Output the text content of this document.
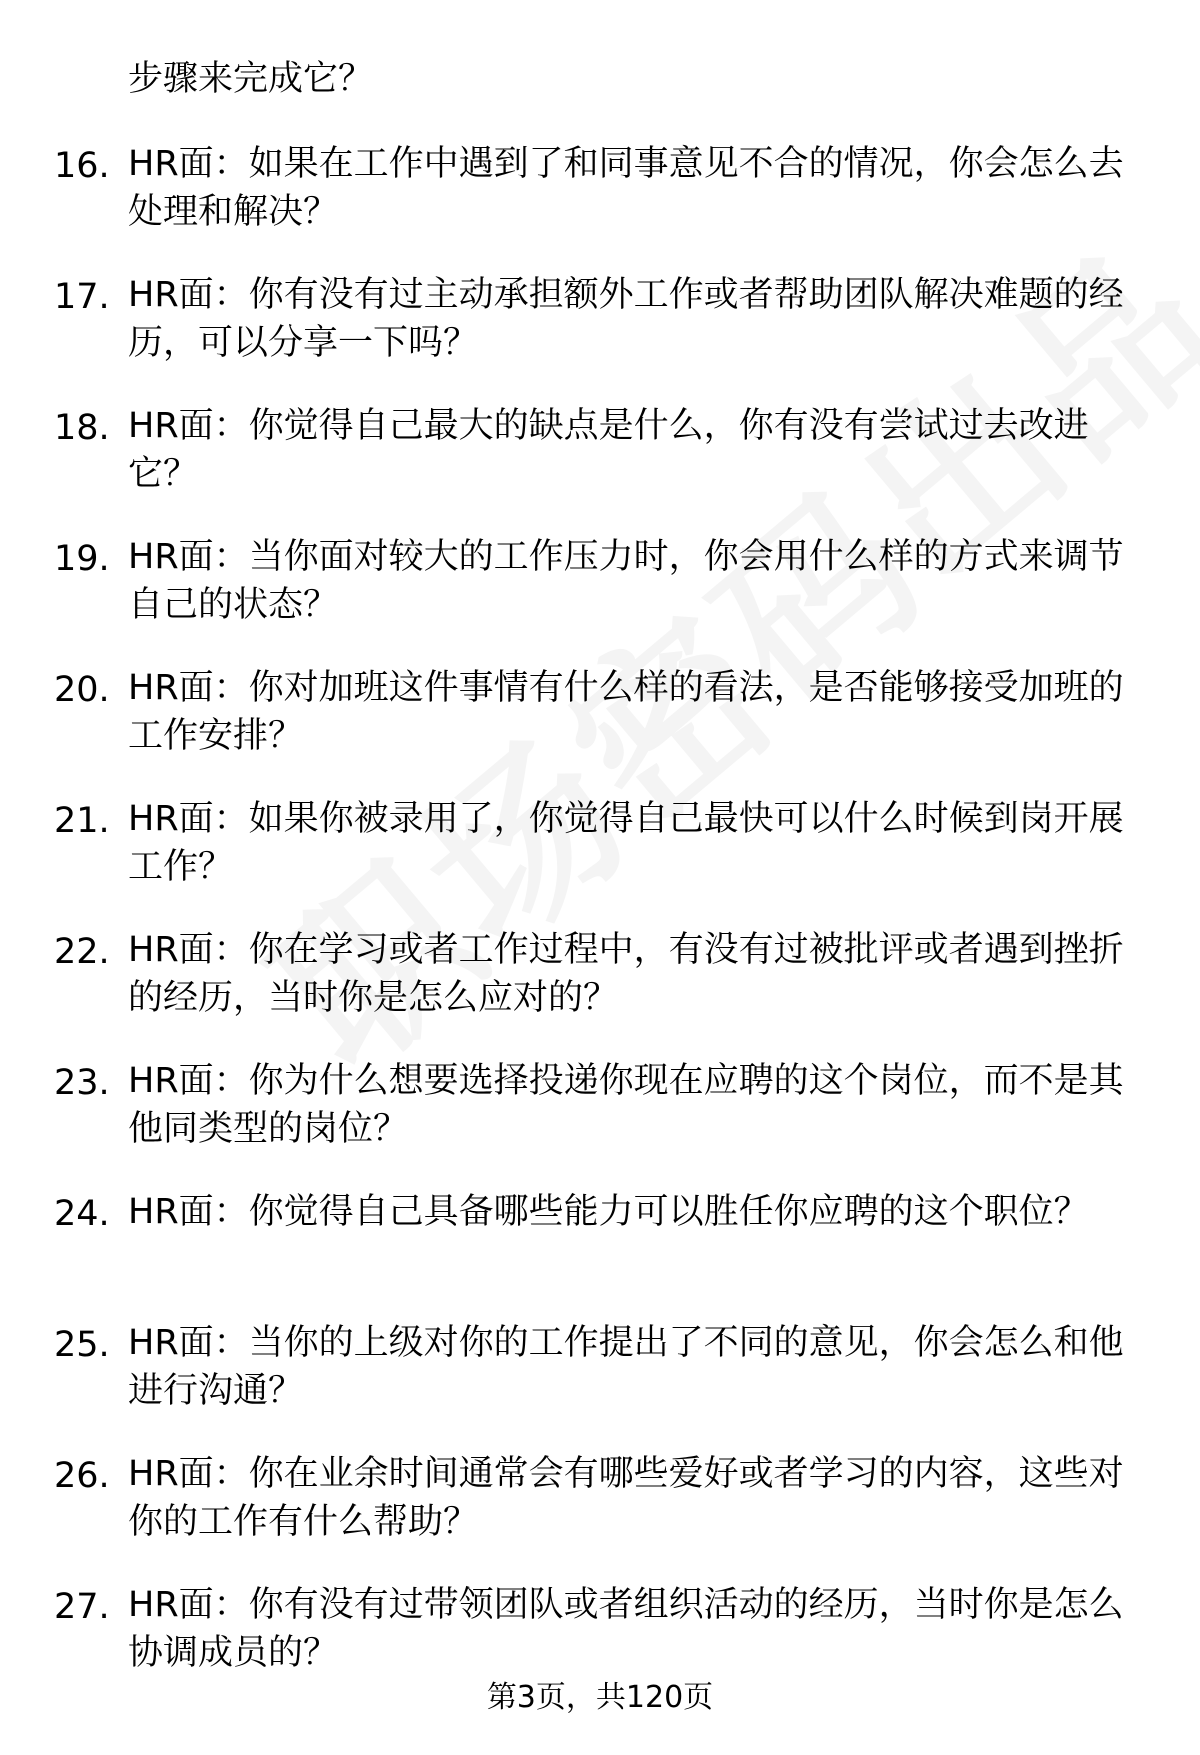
步骤来完成它？
16. HR面：如果在工作中遇到了和同事意见不合的情况，你会怎么去处理和解决？
17. HR面：你有没有过主动承担额外工作或者帮助团队解决难题的经历，可以分享一下吗？
18. HR面：你觉得自己最大的缺点是什么，你有没有尝试过去改进它？
19. HR面：当你面对较大的工作压力时，你会用什么样的方式来调节自己的状态？
20. HR面：你对加班这件事情有什么样的看法，是否能够接受加班的工作安排？
21. HR面：如果你被录用了，你觉得自己最快可以什么时候到岗开展工作？
22. HR面：你在学习或者工作过程中，有没有过被批评或者遇到挫折的经历，当时你是怎么应对的？
23. HR面：你为什么想要选择投递你现在应聘的这个岗位，而不是其他同类型的岗位？
24. HR面：你觉得自己具备哪些能力可以胜任你应聘的这个职位？
25. HR面：当你的上级对你的工作提出了不同的意见，你会怎么和他进行沟通？
26. HR面：你在业余时间通常会有哪些爱好或者学习的内容，这些对你的工作有什么帮助？
27. HR面：你有没有过带领团队或者组织活动的经历，当时你是怎么协调成员的？
第3页，共120页
